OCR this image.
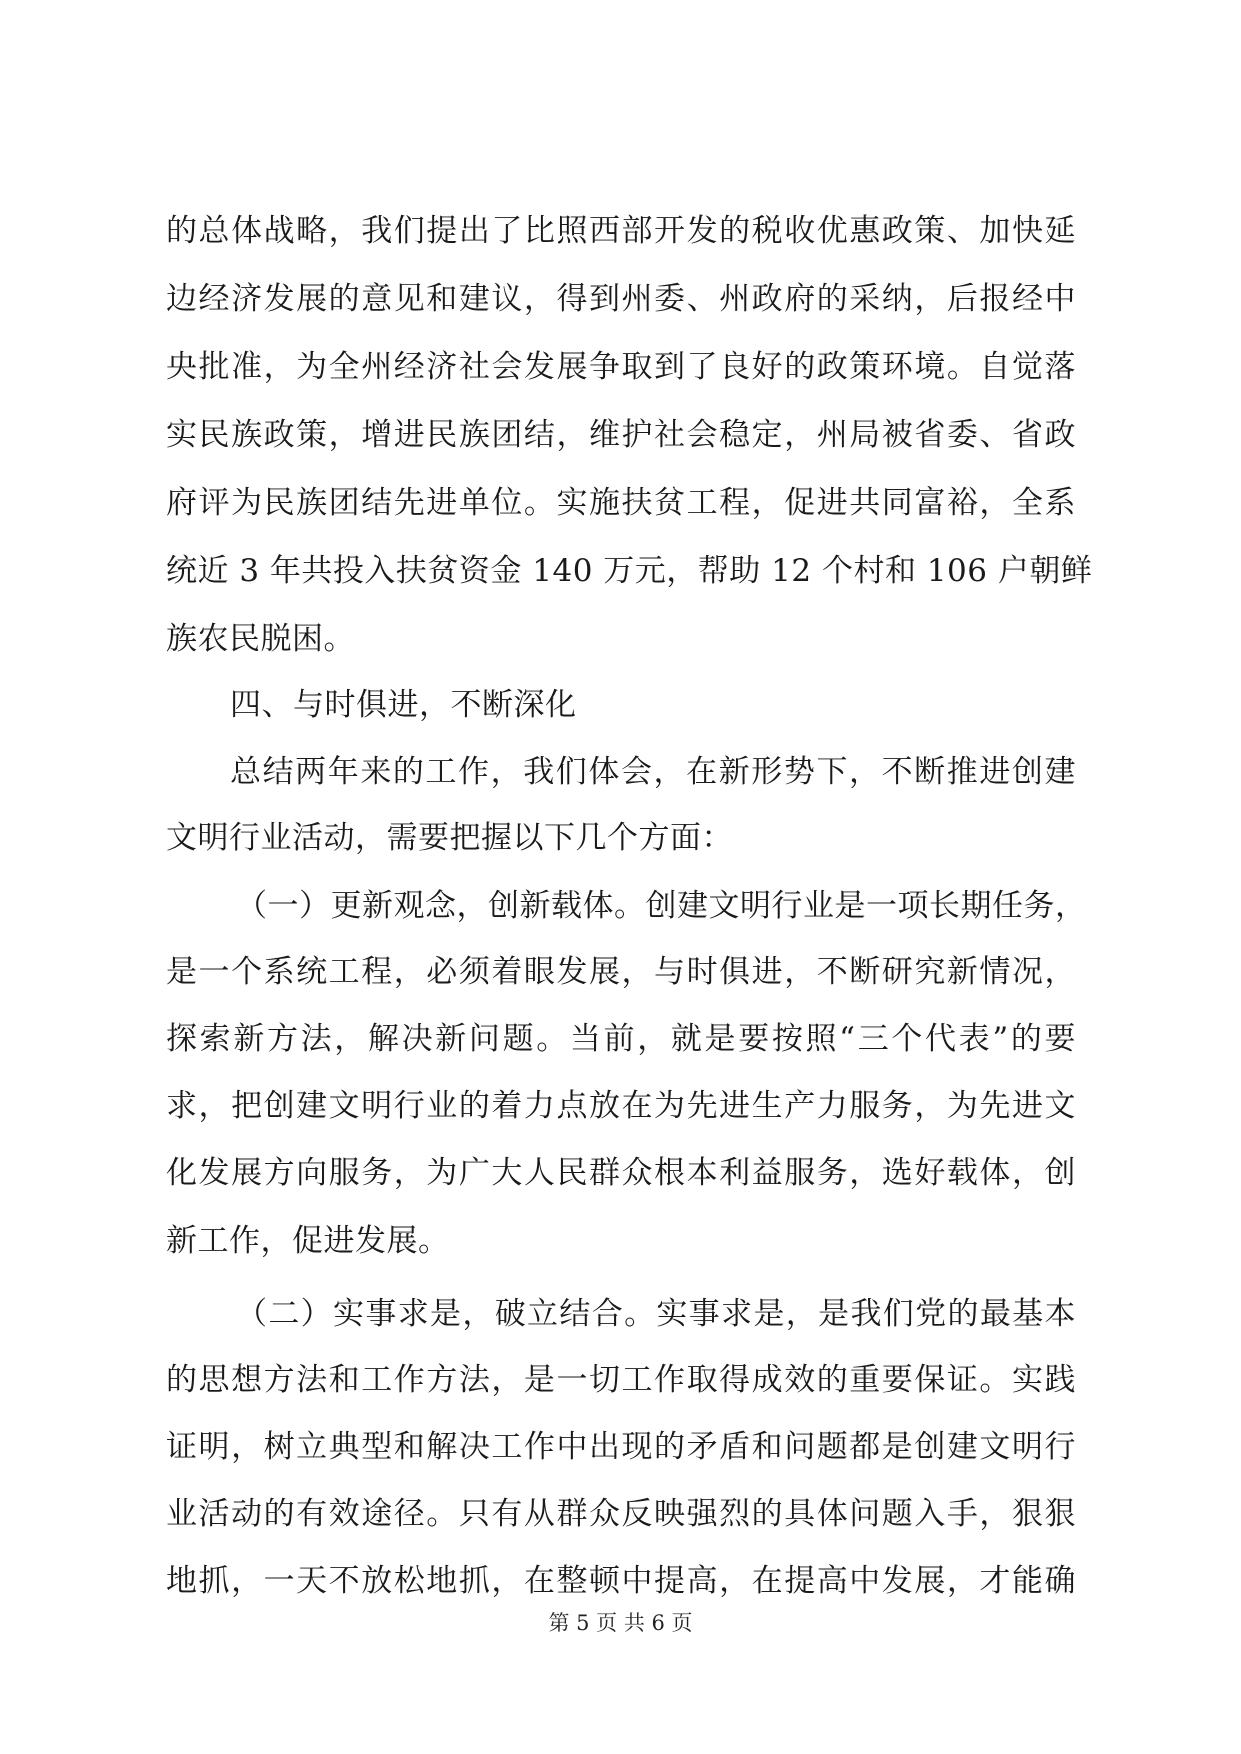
的总体战略，我们提出了比照西部开发的税收优惠政策、加快延
边经济发展的意见和建议，得到州委、州政府的采纳，后报经中
央批准，为全州经济社会发展争取到了良好的政策环境。自觉落
实民族政策，增进民族团结，维护社会稳定，州局被省委、省政
府评为民族团结先进单位。实施扶贫工程，促进共同富裕，全系
统近 3 年共投入扶贫资金 140 万元，帮助 12 个村和 106 户朝鲜
族农民脱困。
四、与时俱进，不断深化
总结两年来的工作，我们体会，在新形势下，不断推进创建
文明行业活动，需要把握以下几个方面：
（一）更新观念，创新载体。创建文明行业是一项长期任务，
是一个系统工程，必须着眼发展，与时俱进，不断研究新情况，
探索新方法，解决新问题。当前，就是要按照“三个代表”的要
求，把创建文明行业的着力点放在为先进生产力服务，为先进文
化发展方向服务，为广大人民群众根本利益服务，选好载体，创
新工作，促进发展。
（二）实事求是，破立结合。实事求是，是我们党的最基本
的思想方法和工作方法，是一切工作取得成效的重要保证。实践
证明，树立典型和解决工作中出现的矛盾和问题都是创建文明行
业活动的有效途径。只有从群众反映强烈的具体问题入手，狠狠
地抓，一天不放松地抓，在整顿中提高，在提高中发展，才能确
第 5 页 共 6 页
